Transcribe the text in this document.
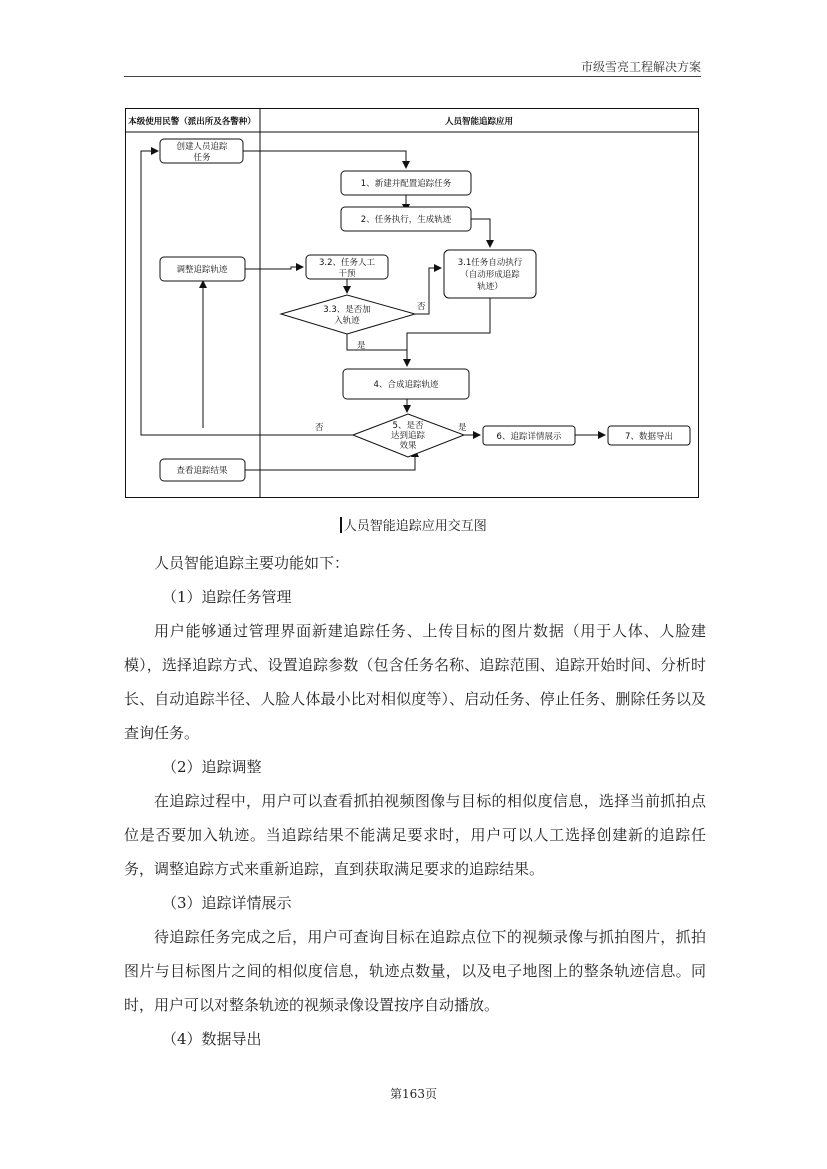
市级雪亮工程解决方案
本级使用民警（派出所及各警种）	人员智能追踪应用
创建人员追踪
任务
调整追踪轨迹
查看追踪结果
1、新建并配置追踪任务
2、任务执行，生成轨迹
3.1任务自动执行
（自动形成追踪
轨迹）
3.2、任务人工
干预
3.3、是否加
入轨迹
4、合成追踪轨迹
5、是否
达到追踪
效果
6、追踪详情展示	7、数据导出
否
是
否	是
人员智能追踪应用交互图

人员智能追踪主要功能如下：

（1）追踪任务管理

用户能够通过管理界面新建追踪任务、上传目标的图片数据（用于人体、人脸建模），选择追踪方式、设置追踪参数（包含任务名称、追踪范围、追踪开始时间、分析时长、自动追踪半径、人脸人体最小比对相似度等）、启动任务、停止任务、删除任务以及查询任务。

（2）追踪调整

在追踪过程中，用户可以查看抓拍视频图像与目标的相似度信息，选择当前抓拍点位是否要加入轨迹。当追踪结果不能满足要求时，用户可以人工选择创建新的追踪任务，调整追踪方式来重新追踪，直到获取满足要求的追踪结果。

（3）追踪详情展示

待追踪任务完成之后，用户可查询目标在追踪点位下的视频录像与抓拍图片，抓拍图片与目标图片之间的相似度信息，轨迹点数量，以及电子地图上的整条轨迹信息。同时，用户可以对整条轨迹的视频录像设置按序自动播放。

（4）数据导出

第163页
